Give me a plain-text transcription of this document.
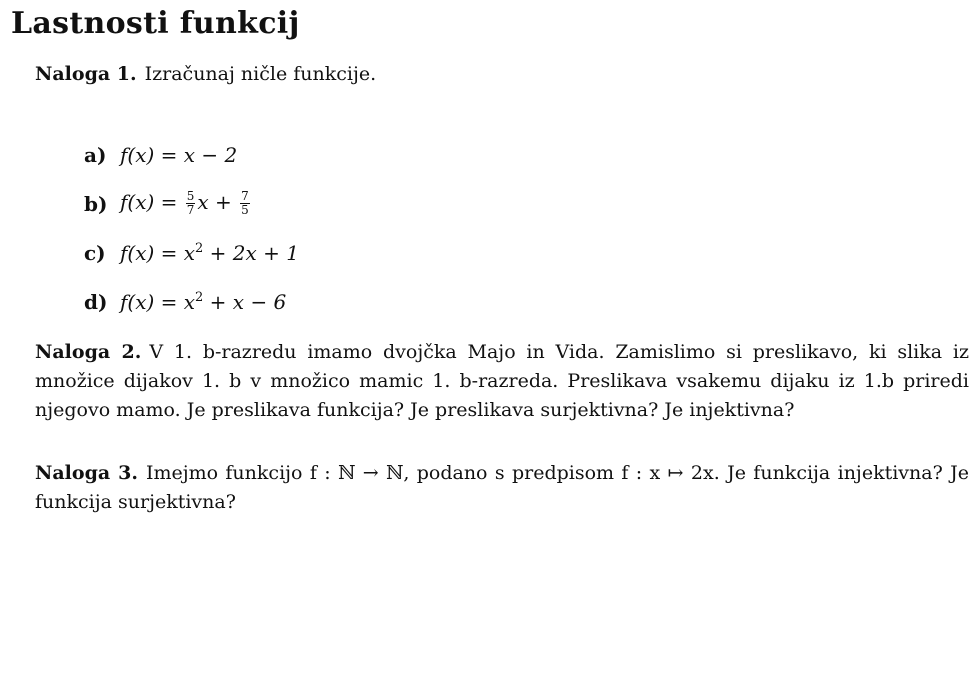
Lastnosti funkcij
Naloga 1. Izračunaj ničle funkcije.
a) f(x) = x − 2
b) $f(x) = \frac{5}{7}$ $x + \frac{7}{5}$
c) $f(x) = x^2 + 2x + 1$
d) $f(x) = x^2 + x - 6$
Naloga 2. V 1. b-razredu imamo dvojčka Majo in Vida. Zamislimo si preslikavo, ki slika iz množice dijakov 1. b v množico mamic 1. b-razreda. Preslikava vsakemu dijaku iz 1.b priredi njegovo mamo. Je preslikava funkcija? Je preslikava surjektivna? Je injektivna?
Naloga 3. Imejmo funkcijo f : ℕ → ℕ, podano s predpisom f : x ↦ 2x. Je funkcija injektivna? Je funkcija surjektivna?
